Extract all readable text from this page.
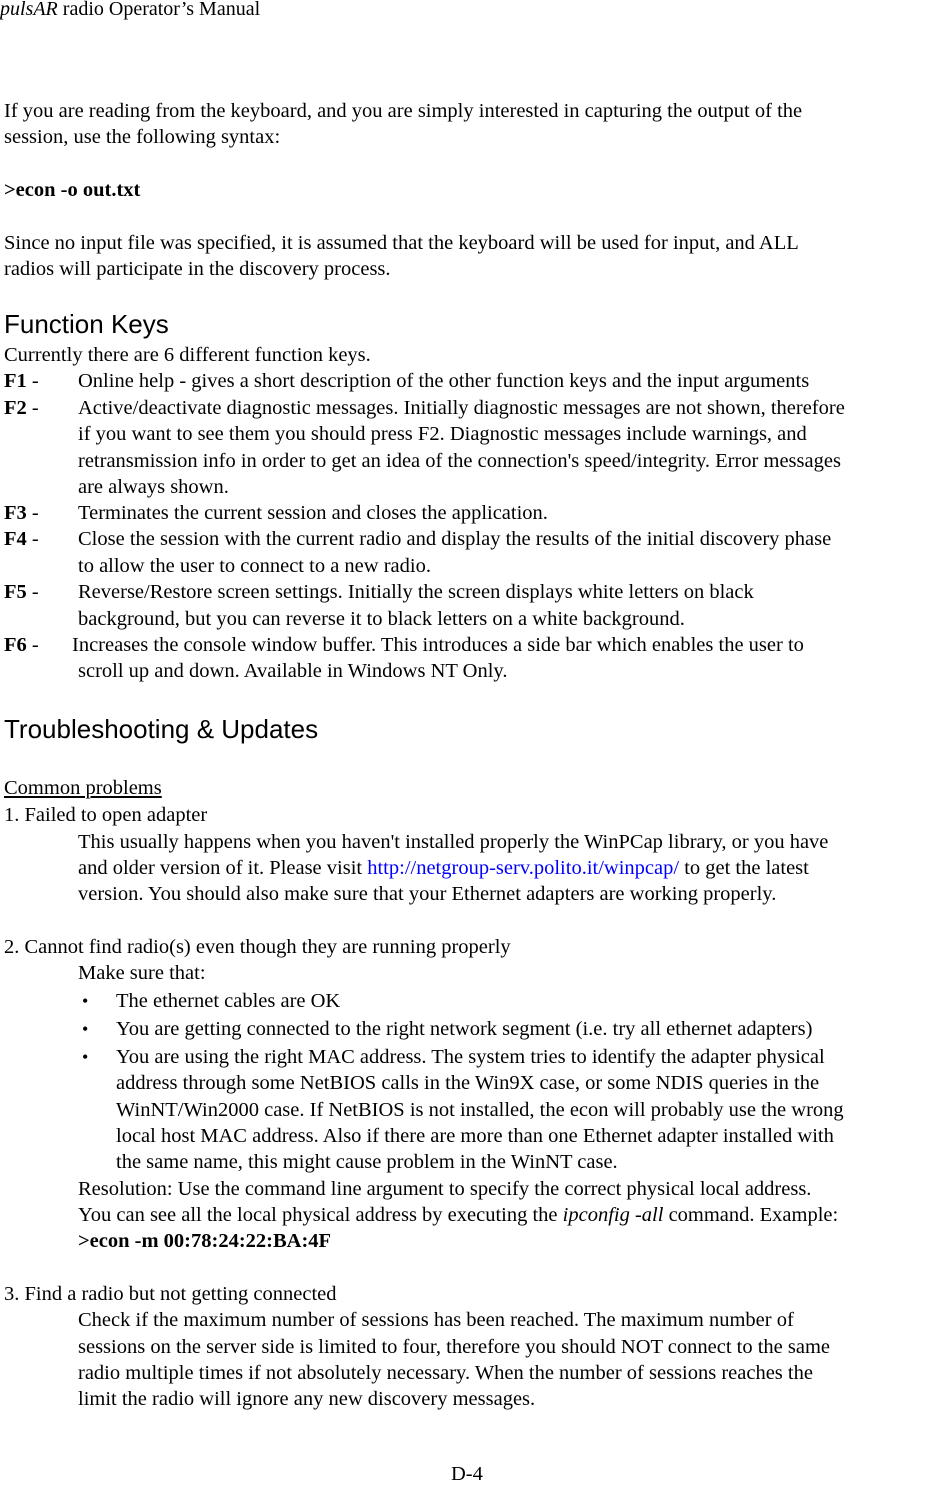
pulsAR radio Operator’s Manual
If you are reading from the keyboard, and you are simply interested in capturing the output of the
session, use the following syntax:
>econ -o out.txt
Since no input file was specified, it is assumed that the keyboard will be used for input, and ALL
radios will participate in the discovery process.
Function Keys
Currently there are 6 different function keys.
F1 - Online help - gives a short description of the other function keys and the input arguments
F2 - Active/deactivate diagnostic messages. Initially diagnostic messages are not shown, therefore
if you want to see them you should press F2. Diagnostic messages include warnings, and
retransmission info in order to get an idea of the connection's speed/integrity. Error messages
are always shown.
F3 - Terminates the current session and closes the application.
F4 - Close the session with the current radio and display the results of the initial discovery phase
to allow the user to connect to a new radio.
F5 - Reverse/Restore screen settings. Initially the screen displays white letters on black
background, but you can reverse it to black letters on a white background.
F6 - Increases the console window buffer. This introduces a side bar which enables the user to
scroll up and down. Available in Windows NT Only.
Troubleshooting & Updates
Common problems
1. Failed to open adapter
This usually happens when you haven't installed properly the WinPCap library, or you have
and older version of it. Please visit http://netgroup-serv.polito.it/winpcap/ to get the latest
version. You should also make sure that your Ethernet adapters are working properly.
2. Cannot find radio(s) even though they are running properly
Make sure that:
• The ethernet cables are OK
• You are getting connected to the right network segment (i.e. try all ethernet adapters)
• You are using the right MAC address. The system tries to identify the adapter physical
address through some NetBIOS calls in the Win9X case, or some NDIS queries in the
WinNT/Win2000 case. If NetBIOS is not installed, the econ will probably use the wrong
local host MAC address. Also if there are more than one Ethernet adapter installed with
the same name, this might cause problem in the WinNT case.
Resolution: Use the command line argument to specify the correct physical local address.
You can see all the local physical address by executing the ipconfig -all command. Example:
>econ -m 00:78:24:22:BA:4F
3. Find a radio but not getting connected
Check if the maximum number of sessions has been reached. The maximum number of
sessions on the server side is limited to four, therefore you should NOT connect to the same
radio multiple times if not absolutely necessary. When the number of sessions reaches the
limit the radio will ignore any new discovery messages.
D-4
